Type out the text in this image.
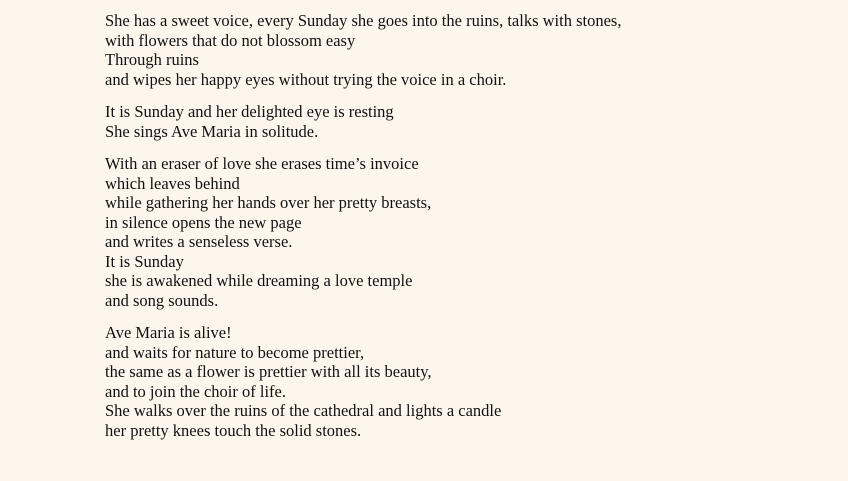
She has a sweet voice, every Sunday she goes into the ruins, talks with stones,
with flowers that do not blossom easy
Through ruins
and wipes her happy eyes without trying the voice in a choir.
It is Sunday and her delighted eye is resting
She sings Ave Maria in solitude.
With an eraser of love she erases time’s invoice
which leaves behind
while gathering her hands over her pretty breasts,
in silence opens the new page
and writes a senseless verse.
It is Sunday
she is awakened while dreaming a love temple
and song sounds.
Ave Maria is alive!
and waits for nature to become prettier,
the same as a flower is prettier with all its beauty,
and to join the choir of life.
She walks over the ruins of the cathedral and lights a candle
her pretty knees touch the solid stones.
